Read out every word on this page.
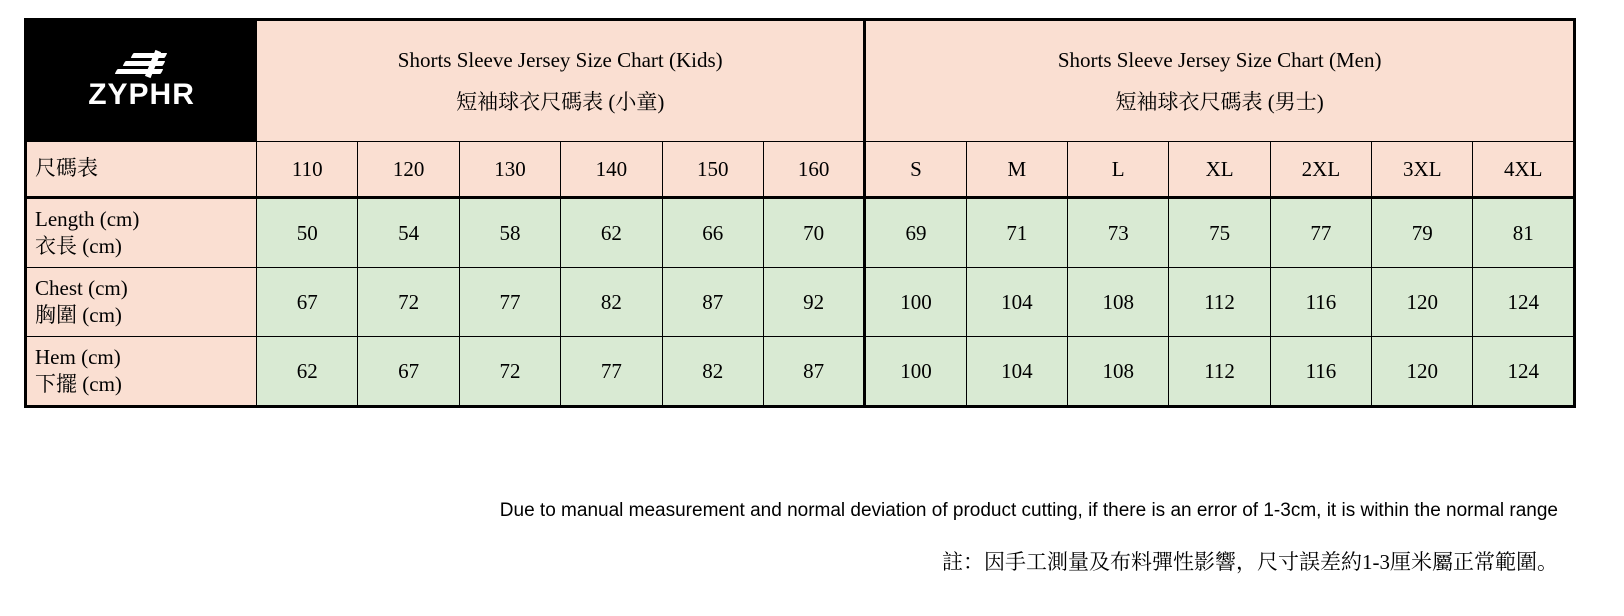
ZYPHR	Shorts Sleeve Jersey Size Chart (Kids)
短袖球衣尺碼表 (小童)						Shorts Sleeve Jersey Size Chart (Men)
短袖球衣尺碼表 (男士)						

尺碼表	110	120	130	140	150	160	S	M	L	XL	2XL	3XL	4XL

Length (cm)
衣長 (cm)	50	54	58	62	66	70	69	71	73	75	77	79	81

Chest (cm)
胸圍 (cm)	67	72	77	82	87	92	100	104	108	112	116	120	124

Hem (cm)
下擺 (cm)	62	67	72	77	82	87	100	104	108	112	116	120	124
Due to manual measurement and normal deviation of product cutting, if there is an error of 1-3cm, it is within the normal range
註：因手工測量及布料彈性影響，尺寸誤差約1-3厘米屬正常範圍。
